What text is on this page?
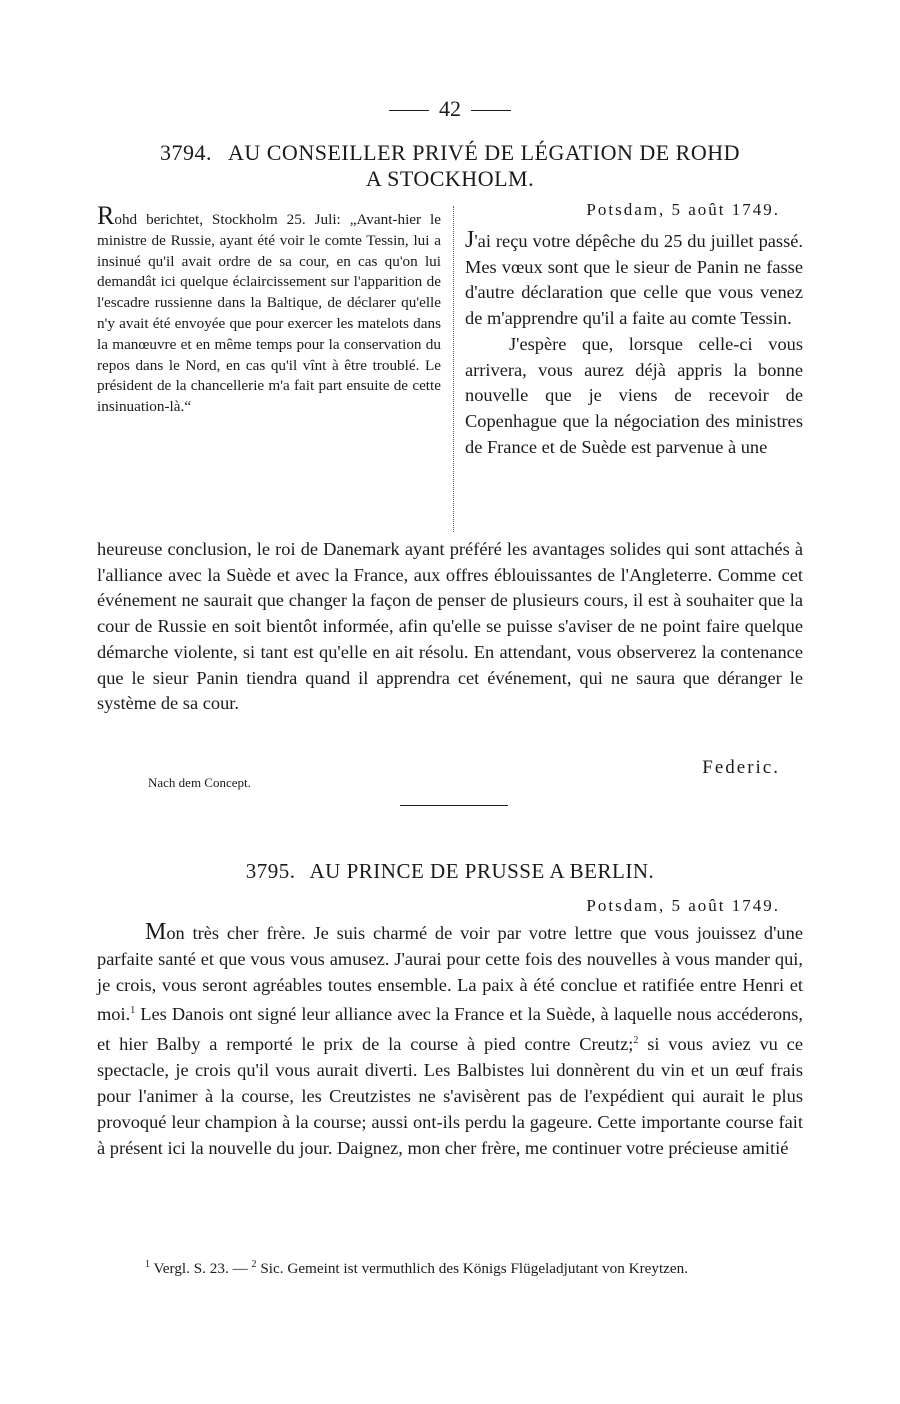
42
3794. AU CONSEILLER PRIVÉ DE LÉGATION DE ROHD
A STOCKHOLM.
Rohd berichtet, Stockholm 25. Juli: „Avant-hier le ministre de Russie, ayant été voir le comte Tessin, lui a insinué qu'il avait ordre de sa cour, en cas qu'on lui demandât ici quelque éclaircissement sur l'apparition de l'escadre russienne dans la Baltique, de déclarer qu'elle n'y avait été envoyée que pour exercer les matelots dans la manœuvre et en même temps pour la conservation du repos dans le Nord, en cas qu'il vînt à être troublé. Le président de la chancellerie m'a fait part ensuite de cette insinuation-là.“
Potsdam, 5 août 1749.

J'ai reçu votre dépêche du 25 du juillet passé. Mes vœux sont que le sieur de Panin ne fasse d'autre déclaration que celle que vous venez de m'apprendre qu'il a faite au comte Tessin.

J'espère que, lorsque celle-ci vous arrivera, vous aurez déjà appris la bonne nouvelle que je viens de recevoir de Copenhague que la négociation des ministres de France et de Suède est parvenue à une

heureuse conclusion, le roi de Danemark ayant préféré les avantages solides qui sont attachés à l'alliance avec la Suède et avec la France, aux offres éblouissantes de l'Angleterre. Comme cet événement ne saurait que changer la façon de penser de plusieurs cours, il est à souhaiter que la cour de Russie en soit bientôt informée, afin qu'elle se puisse s'aviser de ne point faire quelque démarche violente, si tant est qu'elle en ait résolu. En attendant, vous observerez la contenance que le sieur Panin tiendra quand il apprendra cet événement, qui ne saura que déranger le système de sa cour.
Federic.
Nach dem Concept.
3795. AU PRINCE DE PRUSSE A BERLIN.
Potsdam, 5 août 1749.
Mon très cher frère. Je suis charmé de voir par votre lettre que vous jouissez d'une parfaite santé et que vous vous amusez. J'aurai pour cette fois des nouvelles à vous mander qui, je crois, vous seront agréables toutes ensemble. La paix à été conclue et ratifiée entre Henri et moi.$^1$ Les Danois ont signé leur alliance avec la France et la Suède, à laquelle nous accéderons, et hier Balby a remporté le prix de la course à pied contre Creutz;$^2$ si vous aviez vu ce spectacle, je crois qu'il vous aurait diverti. Les Balbistes lui donnèrent du vin et un œuf frais pour l'animer à la course, les Creutzistes ne s'avisèrent pas de l'expédient qui aurait le plus provoqué leur champion à la course; aussi ont-ils perdu la gageure. Cette importante course fait à présent ici la nouvelle du jour. Daignez, mon cher frère, me continuer votre précieuse amitié
$^1$ Vergl. S. 23. — $^2$ Sic. Gemeint ist vermuthlich des Königs Flügeladjutant von Kreytzen.
